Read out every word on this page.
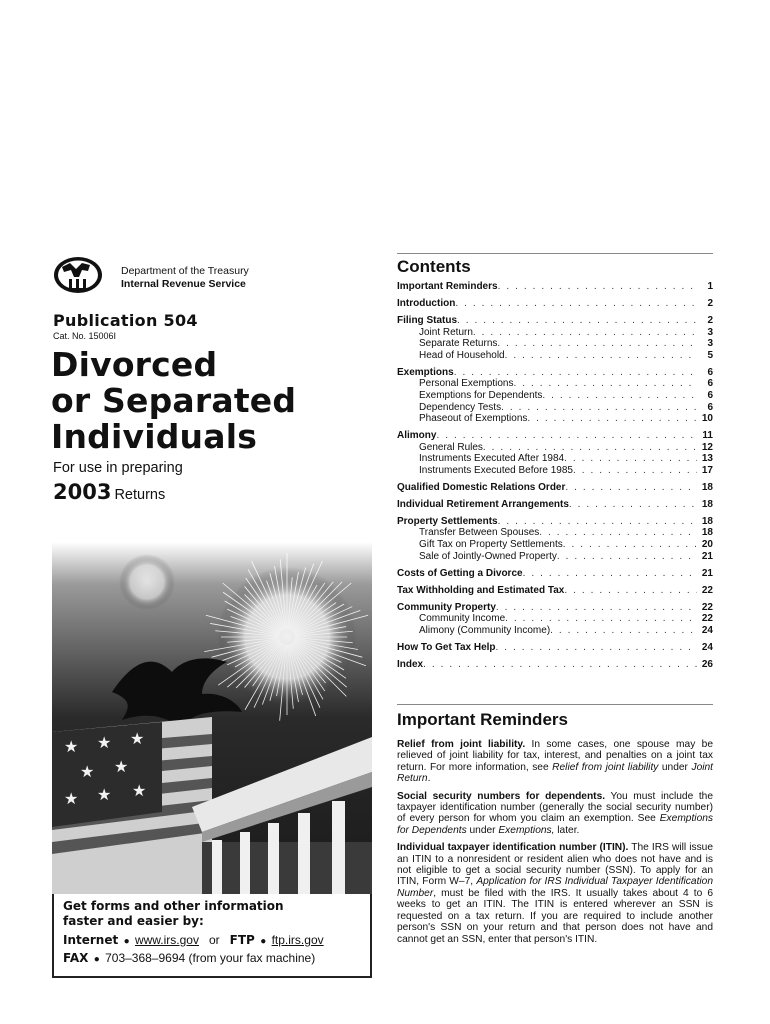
Department of the Treasury
Internal Revenue Service
Publication 504
Cat. No. 15006I
Divorced
or Separated
Individuals
For use in preparing
2003 Returns
★ ★ ★
★ ★
★ ★ ★
Get forms and other information
faster and easier by:
Internet ● www.irs.gov or FTP ● ftp.irs.gov
FAX ● 703–368–9694 (from your fax machine)
Contents
Important Reminders . . .	1
Introduction . . .	2
Filing Status . . .	2
Joint Return . . .	3
Separate Returns . . .	3
Head of Household . . .	5
Exemptions . . .	6
Personal Exemptions . . .	6
Exemptions for Dependents . . .	6
Dependency Tests . . .	6
Phaseout of Exemptions . . .	10
Alimony . . .	11
General Rules . . .	12
Instruments Executed After 1984 . . .	13
Instruments Executed Before 1985 . . .	17
Qualified Domestic Relations Order . . .	18
Individual Retirement Arrangements . . .	18
Property Settlements . . .	18
Transfer Between Spouses . . .	18
Gift Tax on Property Settlements . . .	20
Sale of Jointly-Owned Property . . .	21
Costs of Getting a Divorce . . .	21
Tax Withholding and Estimated Tax . . .	22
Community Property . . .	22
Community Income . . .	22
Alimony (Community Income) . . .	24
How To Get Tax Help . . .	24
Index . . .	26
Important Reminders

Relief from joint liability. In some cases, one spouse may be relieved of joint liability for tax, interest, and penalties on a joint tax return. For more information, see Relief from joint liability under Joint Return.

Social security numbers for dependents. You must include the taxpayer identification number (generally the social security number) of every person for whom you claim an exemption. See Exemptions for Dependents under Exemptions, later.

Individual taxpayer identification number (ITIN). The IRS will issue an ITIN to a nonresident or resident alien who does not have and is not eligible to get a social security number (SSN). To apply for an ITIN, Form W–7, Application for IRS Individual Taxpayer Identification Number, must be filed with the IRS. It usually takes about 4 to 6 weeks to get an ITIN. The ITIN is entered wherever an SSN is requested on a tax return. If you are required to include another person's SSN on your return and that person does not have and cannot get an SSN, enter that person's ITIN.
